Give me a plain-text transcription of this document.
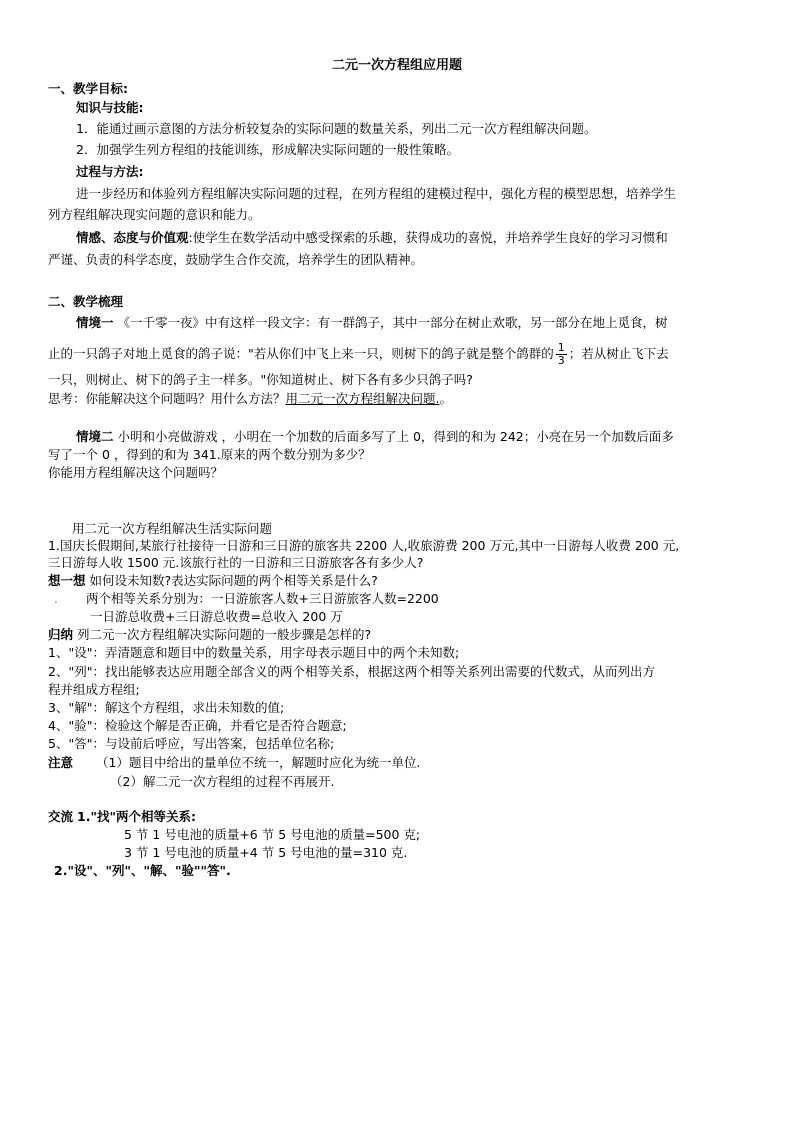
二元一次方程组应用题
一、教学目标:
知识与技能:
1．能通过画示意图的方法分析较复杂的实际问题的数量关系，列出二元一次方程组解决问题。
2．加强学生列方程组的技能训练，形成解决实际问题的一般性策略。
过程与方法:
进一步经历和体验列方程组解决实际问题的过程，在列方程组的建模过程中，强化方程的模型思想，培养学生
列方程组解决现实问题的意识和能力。
情感、态度与价值观:使学生在数学活动中感受探索的乐趣，获得成功的喜悦，并培养学生良好的学习习惯和
严谨、负责的科学态度，鼓励学生合作交流，培养学生的团队精神。
二、教学梳理
情境一 《一千零一夜》中有这样一段文字：有一群鸽子，其中一部分在树止欢歌，另一部分在地上觅食，树
止的一只鸽子对地上觅食的鸽子说："若从你们中飞上来一只，则树下的鸽子就是整个鸽群的 $\frac{1}{3}$ ；若从树止飞下去
一只，则树止、树下的鸽子主一样多。"你知道树止、树下各有多少只鸽子吗?
思考：你能解决这个问题吗？用什么方法？用二元一次方程组解决问题.。
情境二 小明和小亮做游戏 ，小明在一个加数的后面多写了上 0，得到的和为 242；小亮在另一个加数后面多
写了一个 0 ，得到的和为 341.原来的两个数分别为多少？
你能用方程组解决这个问题吗？
用二元一次方程组解决生活实际问题
1.国庆长假期间,某旅行社接待一日游和三日游的旅客共 2200 人,收旅游费 200 万元,其中一日游每人收费 200 元,
三日游每人收 1500 元.该旅行社的一日游和三日游旅客各有多少人?
想一想 如何设未知数?表达实际问题的两个相等关系是什么?
. 两个相等关系分别为：一日游旅客人数+三日游旅客人数=2200
一日游总收费+三日游总收费=总收入 200 万
归纳 列二元一次方程组解决实际问题的一般步骤是怎样的?
1、"设"：弄清题意和题目中的数量关系，用字母表示题目中的两个未知数;
2、"列"：找出能够表达应用题全部含义的两个相等关系，根据这两个相等关系列出需要的代数式，从而列出方
程并组成方程组;
3、"解"：解这个方程组，求出未知数的值;
4、"验"：检验这个解是否正确，并看它是否符合题意;
5、"答"：与设前后呼应，写出答案，包括单位名称;
注意 （1）题目中给出的量单位不统一，解题时应化为统一单位.
（2）解二元一次方程组的过程不再展开.
交流 1."找"两个相等关系:
5 节 1 号电池的质量+6 节 5 号电池的质量=500 克;
3 节 1 号电池的质量+4 节 5 号电池的量=310 克.
2."设"、"列"、"解、"验""答".
